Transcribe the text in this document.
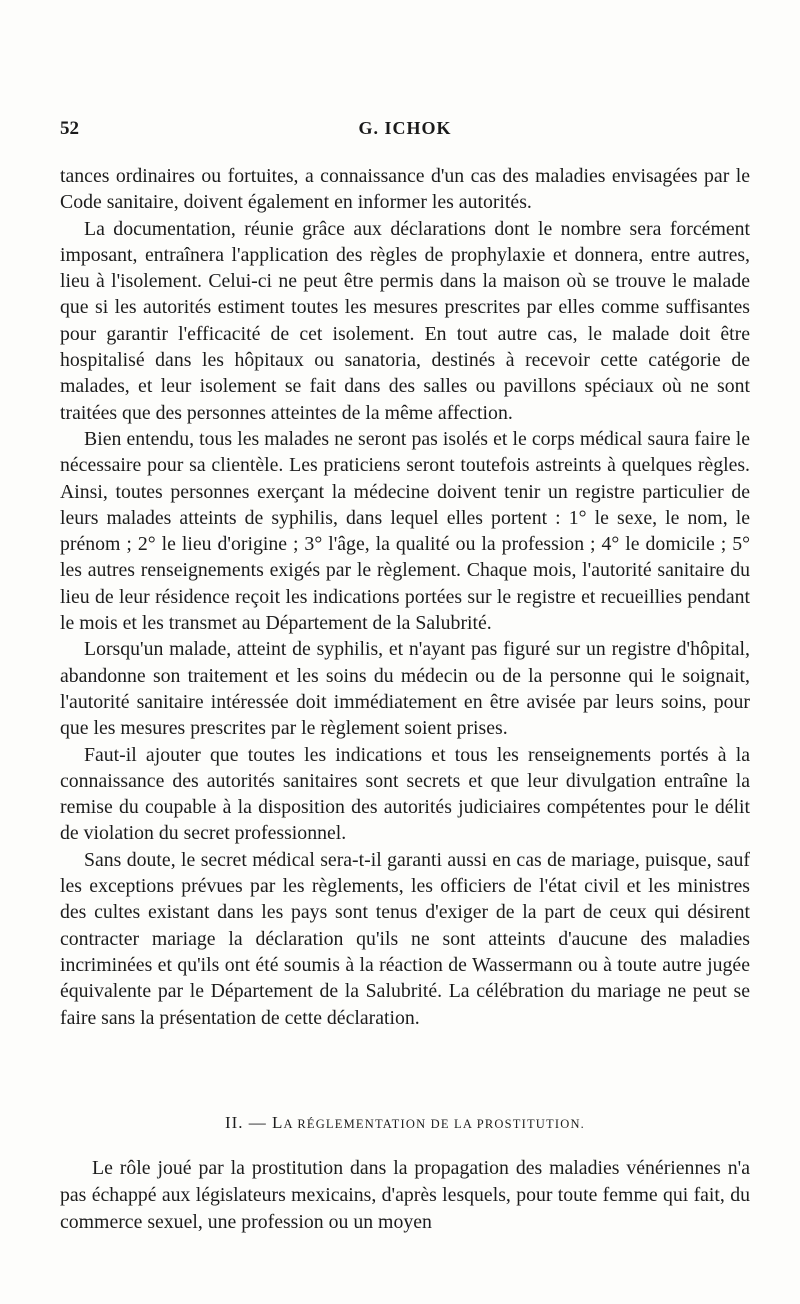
52	G. ICHOK

tances ordinaires ou fortuites, a connaissance d'un cas des maladies envisagées par le Code sanitaire, doivent également en informer les autorités.

La documentation, réunie grâce aux déclarations dont le nombre sera forcément imposant, entraînera l'application des règles de prophylaxie et donnera, entre autres, lieu à l'isolement. Celui-ci ne peut être permis dans la maison où se trouve le malade que si les autorités estiment toutes les mesures prescrites par elles comme suffisantes pour garantir l'efficacité de cet isolement. En tout autre cas, le malade doit être hospitalisé dans les hôpitaux ou sanatoria, destinés à recevoir cette catégorie de malades, et leur isolement se fait dans des salles ou pavillons spéciaux où ne sont traitées que des personnes atteintes de la même affection.

Bien entendu, tous les malades ne seront pas isolés et le corps médical saura faire le nécessaire pour sa clientèle. Les praticiens seront toutefois astreints à quelques règles. Ainsi, toutes personnes exerçant la médecine doivent tenir un registre particulier de leurs malades atteints de syphilis, dans lequel elles portent : 1° le sexe, le nom, le prénom ; 2° le lieu d'origine ; 3° l'âge, la qualité ou la profession ; 4° le domicile ; 5° les autres renseignements exigés par le règlement. Chaque mois, l'autorité sanitaire du lieu de leur résidence reçoit les indications portées sur le registre et recueillies pendant le mois et les transmet au Département de la Salubrité.

Lorsqu'un malade, atteint de syphilis, et n'ayant pas figuré sur un registre d'hôpital, abandonne son traitement et les soins du médecin ou de la personne qui le soignait, l'autorité sanitaire intéressée doit immédiatement en être avisée par leurs soins, pour que les mesures prescrites par le règlement soient prises.

Faut-il ajouter que toutes les indications et tous les renseignements portés à la connaissance des autorités sanitaires sont secrets et que leur divulgation entraîne la remise du coupable à la disposition des autorités judiciaires compétentes pour le délit de violation du secret professionnel.

Sans doute, le secret médical sera-t-il garanti aussi en cas de mariage, puisque, sauf les exceptions prévues par les règlements, les officiers de l'état civil et les ministres des cultes existant dans les pays sont tenus d'exiger de la part de ceux qui désirent contracter mariage la déclaration qu'ils ne sont atteints d'aucune des maladies incriminées et qu'ils ont été soumis à la réaction de Wassermann ou à toute autre jugée équivalente par le Département de la Salubrité. La célébration du mariage ne peut se faire sans la présentation de cette déclaration.

II. — LA RÉGLEMENTATION DE LA PROSTITUTION.

Le rôle joué par la prostitution dans la propagation des maladies vénériennes n'a pas échappé aux législateurs mexicains, d'après lesquels, pour toute femme qui fait, du commerce sexuel, une profession ou un moyen
